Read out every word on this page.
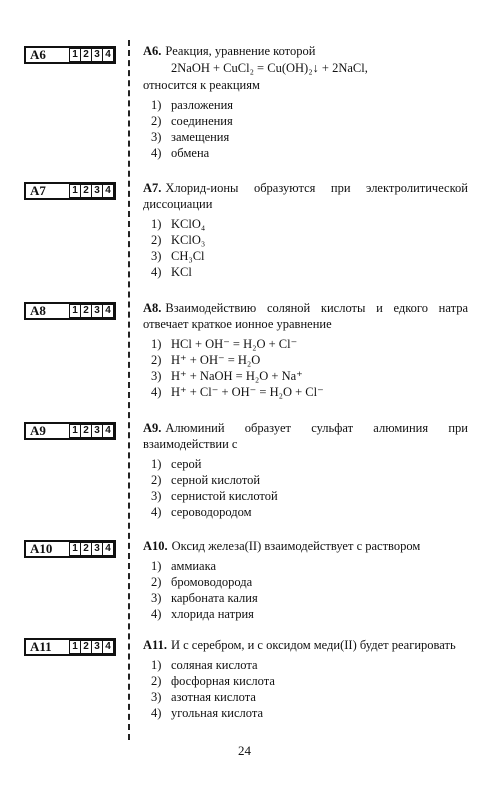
A6	1 2 3 4	A6. Реакция, уравнение которой
2NaOH + CuCl₂ = Cu(OH)₂↓ + 2NaCl,
относится к реакциям
1) разложения
2) соединения
3) замещения
4) обмена
A7	1 2 3 4	A7. Хлорид-ионы образуются при электролитической диссоциации
1) KClO₄
2) KClO₃
3) CH₃Cl
4) KCl
A8	1 2 3 4	A8. Взаимодействию соляной кислоты и едкого натра отвечает краткое ионное уравнение
1) HCl + OH⁻ = H₂O + Cl⁻
2) H⁺ + OH⁻ = H₂O
3) H⁺ + NaOH = H₂O + Na⁺
4) H⁺ + Cl⁻ + OH⁻ = H₂O + Cl⁻
A9	1 2 3 4	A9. Алюминий образует сульфат алюминия при взаимодействии с
1) серой
2) серной кислотой
3) сернистой кислотой
4) сероводородом
A10	1 2 3 4	A10. Оксид железа(II) взаимодействует с раствором
1) аммиака
2) бромоводорода
3) карбоната калия
4) хлорида натрия
A11	1 2 3 4	A11. И с серебром, и с оксидом меди(II) будет реагировать
1) соляная кислота
2) фосфорная кислота
3) азотная кислота
4) угольная кислота
24
